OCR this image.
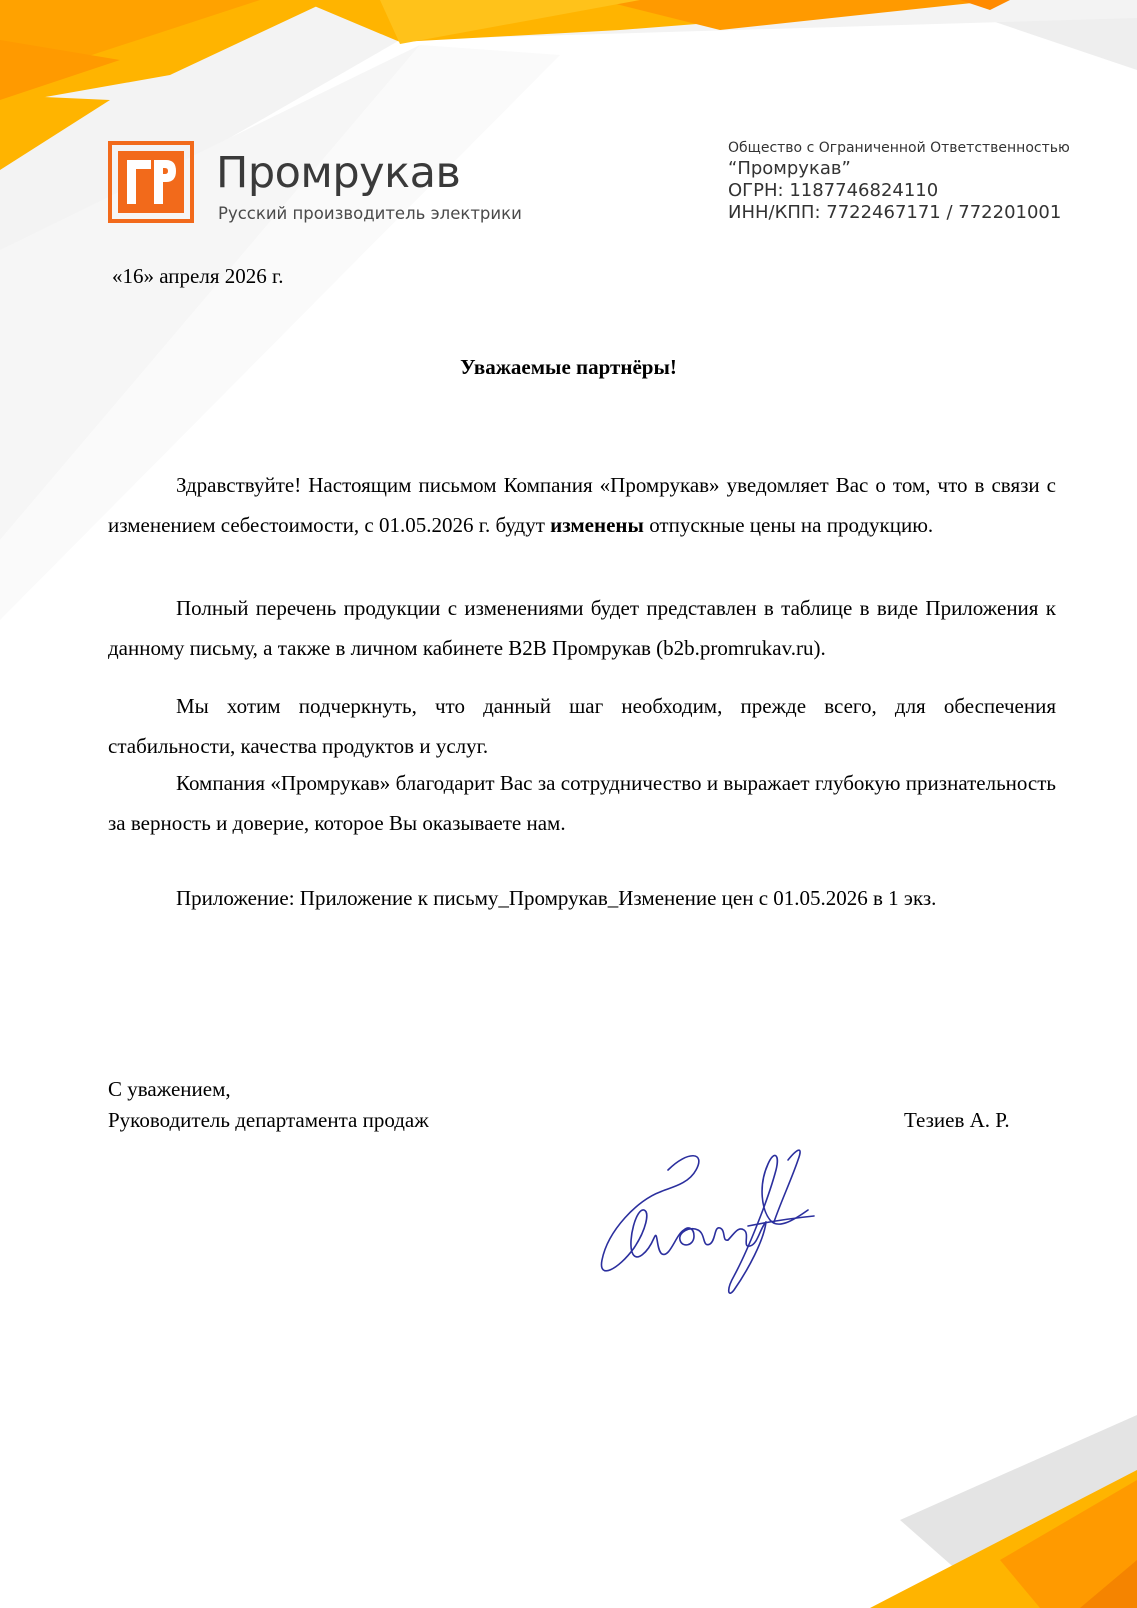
Промрукав
Русский производитель электрики
Общество с Ограниченной Ответственностью
“Промрукав”
ОГРН: 1187746824110
ИНН/КПП: 7722467171 / 772201001
«16» апреля 2026 г.
Уважаемые партнёры!

Здравствуйте! Настоящим письмом Компания «Промрукав» уведомляет Вас о том, что в связи с изменением себестоимости, с 01.05.2026 г. будут изменены отпускные цены на продукцию.

Полный перечень продукции с изменениями будет представлен в таблице в виде Приложения к данному письму, а также в личном кабинете B2B Промрукав (b2b.promrukav.ru).

Мы хотим подчеркнуть, что данный шаг необходим, прежде всего, для обеспечения стабильности, качества продуктов и услуг.

Компания «Промрукав» благодарит Вас за сотрудничество и выражает глубокую признательность за верность и доверие, которое Вы оказываете нам.

Приложение: Приложение к письму_Промрукав_Изменение цен с 01.05.2026 в 1 экз.
С уважением,
Руководитель департамента продаж	Тезиев А. Р.
